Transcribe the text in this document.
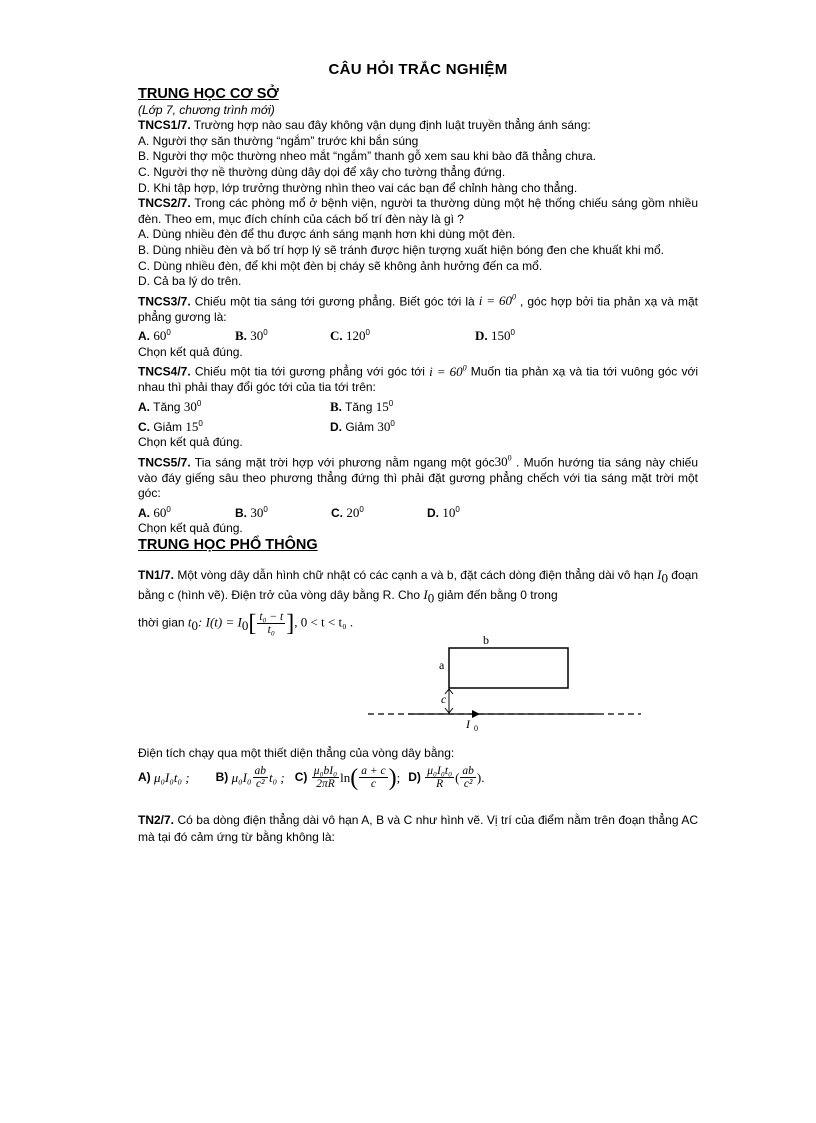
CÂU HỎI TRẮC NGHIỆM
TRUNG HỌC CƠ SỞ
(Lớp 7, chương trình mới)
TNCS1/7. Trường hợp nào sau đây không vận dụng định luật truyền thẳng ánh sáng:
A. Người thợ săn thường “ngắm” trước khi bắn súng
B. Người thợ mộc thường nheo mắt “ngắm” thanh gỗ xem sau khi bào đã thẳng chưa.
C. Người thợ nề thường dùng dây dọi để xây cho tường thẳng đứng.
D. Khi tập hợp, lớp trưởng thường nhìn theo vai các bạn để chỉnh hàng cho thẳng.
TNCS2/7. Trong các phòng mổ ở bệnh viện, người ta thường dùng một hệ thống chiếu sáng gồm nhiều đèn. Theo em, mục đích chính của cách bố trí đèn này là gì ?
A. Dùng nhiều đèn để thu được ánh sáng mạnh hơn khi dùng một đèn.
B. Dùng nhiều đèn và bố trí hợp lý sẽ tránh được hiện tượng xuất hiện bóng đen che khuất khi mổ.
C. Dùng nhiều đèn, để khi một đèn bị cháy sẽ không ảnh hưởng đến ca mổ.
D. Cả ba lý do trên.
TNCS3/7. Chiếu một tia sáng tới gương phẳng. Biết góc tới là $i = 60^0$ , góc hợp bởi tia phản xạ và mặt phẳng gương là:
A. $60^0$	B. $30^0$	C. $120^0$	D. $150^0$
Chọn kết quả đúng.
TNCS4/7. Chiếu một tia tới gương phẳng với góc tới $i = 60^0$ Muốn tia phản xạ và tia tới vuông góc với nhau thì phải thay đổi góc tới của tia tới trên:
A. Tăng $30^0$	B. Tăng $15^0$
C. Giảm $15^0$	D. Giảm $30^0$
Chọn kết quả đúng.
TNCS5/7. Tia sáng mặt trời hợp với phương nằm ngang một $góc30^0$ . Muốn hướng tia sáng này chiếu vào đáy giếng sâu theo phương thẳng đứng thì phải đặt gương phẳng chếch với tia sáng mặt trời một góc:
A. $60^0$	B. $30^0$	C. $20^0$	D. $10^0$
Chọn kết quả đúng.
TRUNG HỌC PHỔ THÔNG
TN1/7. Một vòng dây dẫn hình chữ nhật có các cạnh a và b, đặt cách dòng điện thẳng dài vô hạn $I_0$ đoạn bằng c (hình vẽ). Điện trở của vòng dây bằng R. Cho $I_0$ giảm đến bằng 0 trong
thời gian $t_0$: $I(t) = I_0[ \frac{\text{t₀ − t}}{\text{t₀}}$ ], 0 < t < t₀ .
b
a
c
I 0
Điện tích chạy qua một thiết diện thẳng của vòng dây bằng:
A)
μ₀I₀t₀ ; B)
$\mu_0I_0 \frac{ab}{\text{c²}} t_0$ ; C)
$\frac{\text{μ₀bI₀}}{2\pi R}$ ln ( $\frac{a + c}{c}$ ) ; D)
$\frac{\text{μ₀I₀t₀}}{R}$ ( $\frac{ab}{\text{c²}}$ ) .
TN2/7. Có ba dòng điện thẳng dài vô hạn A, B và C như hình vẽ. Vị trí của điểm nằm trên đoạn thẳng AC mà tại đó cảm ứng từ bằng không là:
